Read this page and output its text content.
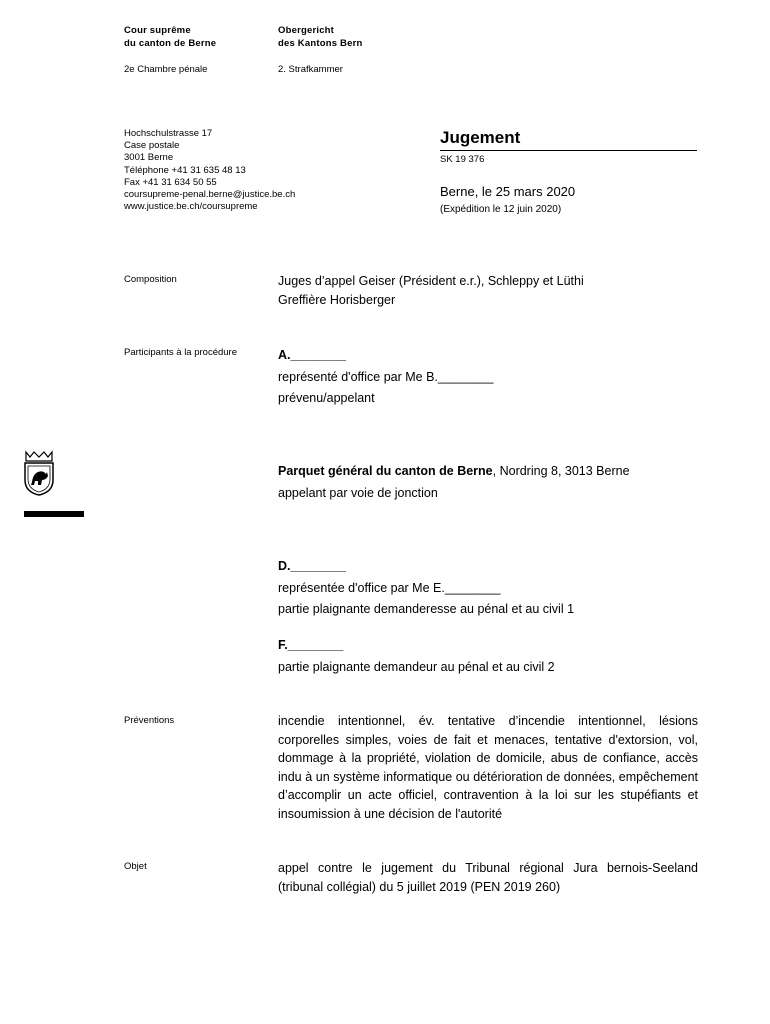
Cour suprême
du canton de Berne
Obergericht
des Kantons Bern
2e Chambre pénale	2. Strafkammer
Hochschulstrasse 17
Case postale
3001 Berne
Téléphone +41 31 635 48 13
Fax +41 31 634 50 55
coursupreme-penal.berne@justice.be.ch
www.justice.be.ch/coursupreme
Jugement
SK 19 376
Berne, le 25 mars 2020
(Expédition le 12 juin 2020)
Composition	Juges d’appel Geiser (Président e.r.), Schleppy et Lüthi
Greffière Horisberger
Participants à la procédure	A.________
représenté d'office par Me B.________
prévenu/appelant
Parquet général du canton de Berne, Nordring 8, 3013 Berne
appelant par voie de jonction
D.________
représentée d'office par Me E.________
partie plaignante demanderesse au pénal et au civil 1
F.________
partie plaignante demandeur au pénal et au civil 2
Préventions	incendie intentionnel, év. tentative d’incendie intentionnel, lésions corporelles simples, voies de fait et menaces, tentative d'extorsion, vol, dommage à la propriété, violation de domicile, abus de confiance, accès indu à un système informatique ou détérioration de données, empêchement d’accomplir un acte officiel, contravention à la loi sur les stupéfiants et insoumission à une décision de l'autorité
Objet	appel contre le jugement du Tribunal régional Jura bernois-Seeland (tribunal collégial) du 5 juillet 2019 (PEN 2019 260)
